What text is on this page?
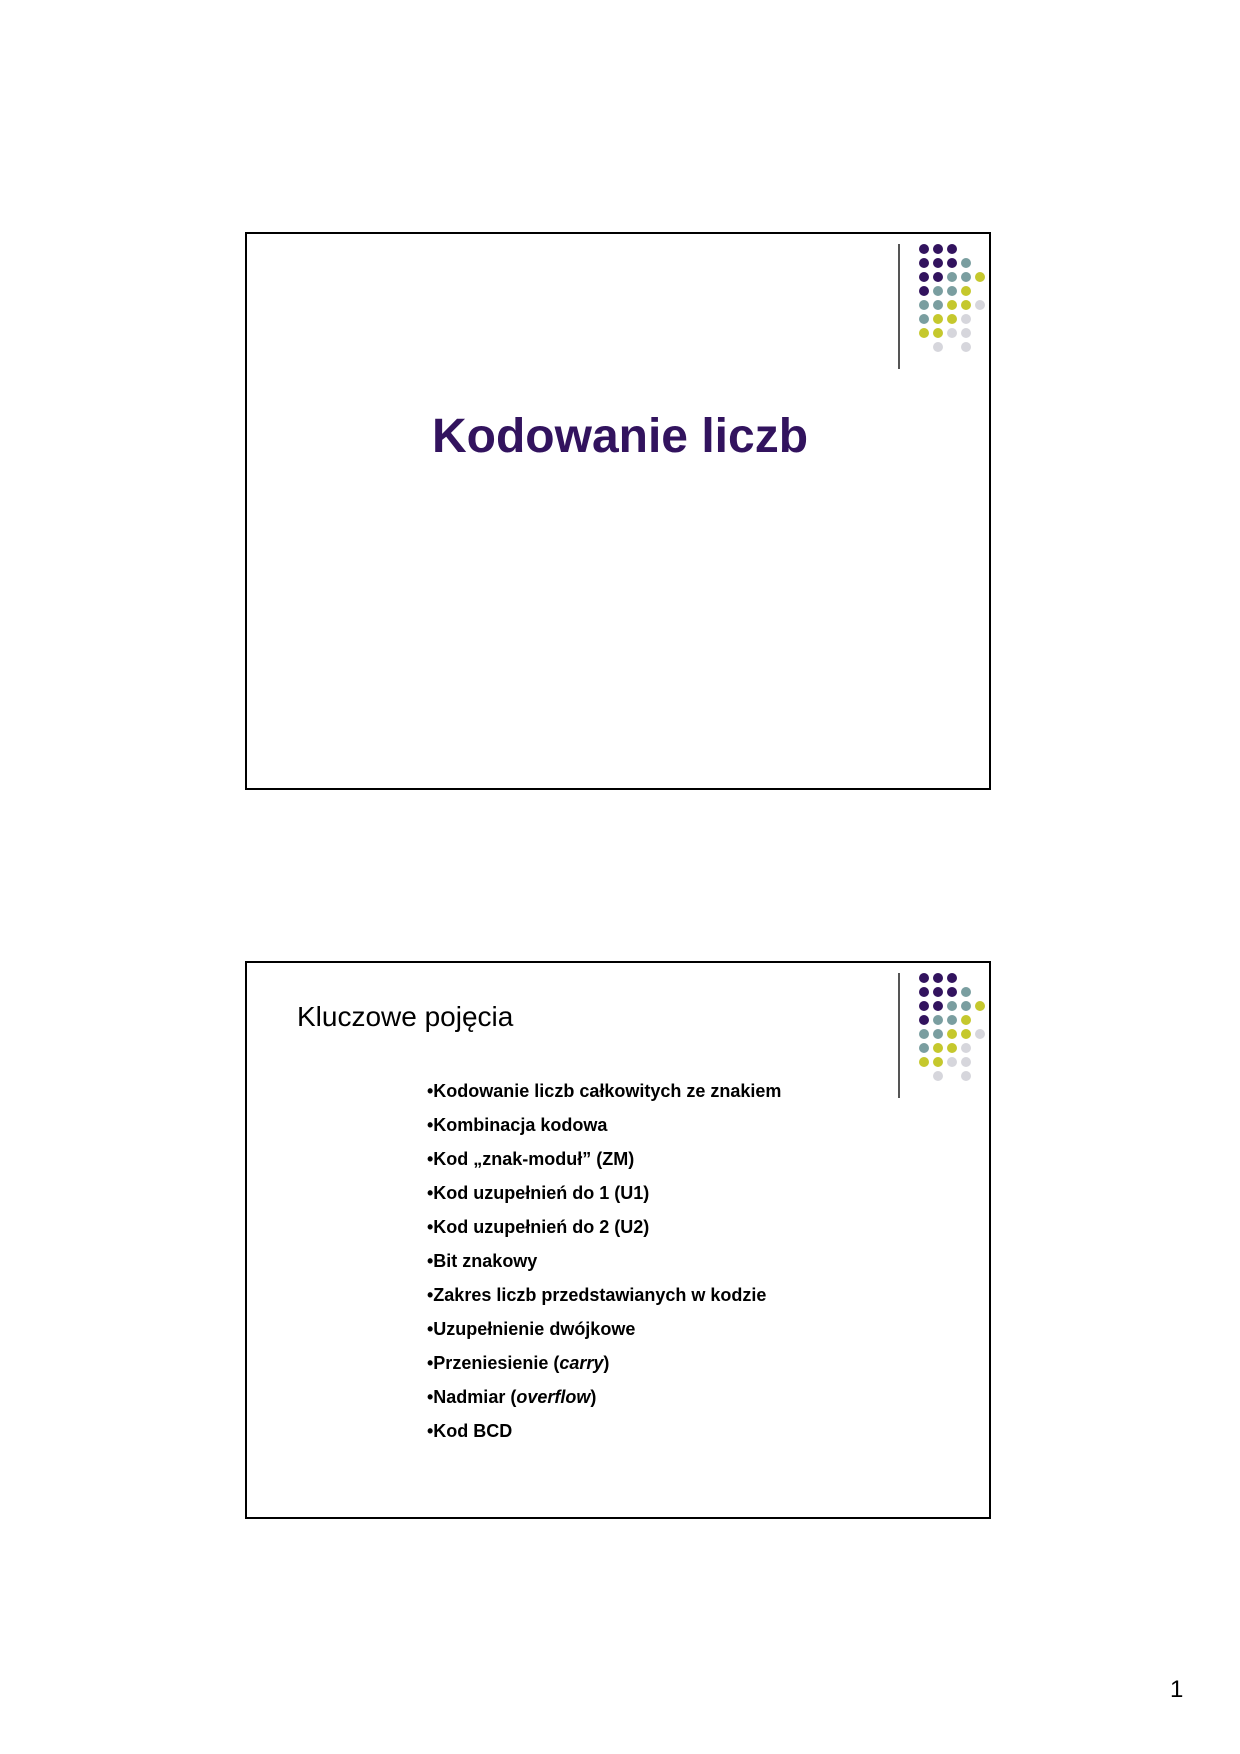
Kodowanie liczb
Kluczowe pojęcia
•Kodowanie liczb całkowitych ze znakiem
•Kombinacja kodowa
•Kod „znak-moduł” (ZM)
•Kod uzupełnień do 1 (U1)
•Kod uzupełnień do 2 (U2)
•Bit znakowy
•Zakres liczb przedstawianych w kodzie
•Uzupełnienie dwójkowe
•Przeniesienie (carry)
•Nadmiar (overflow)
•Kod BCD
1
